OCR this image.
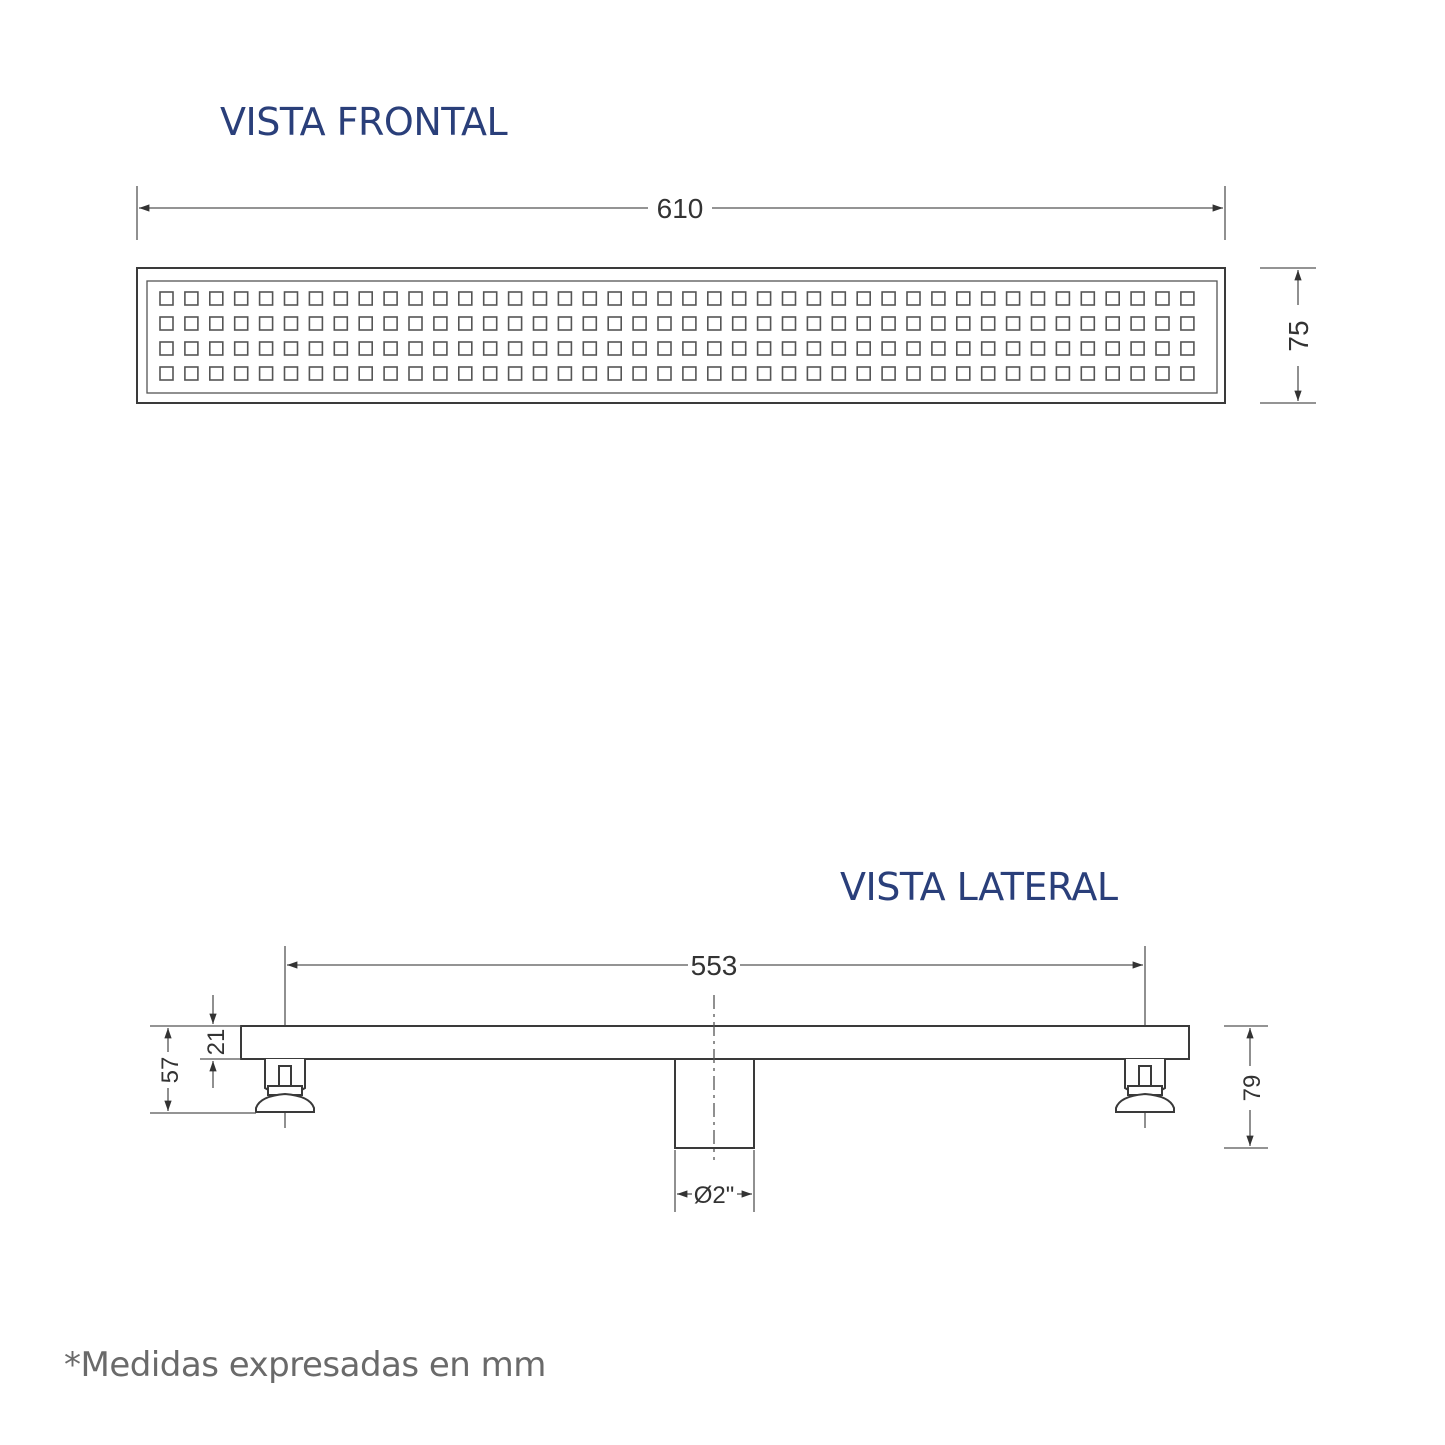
VISTA FRONTAL
610
75
VISTA LATERAL
553
57
21
79
Ø2"
*Medidas expresadas en mm
